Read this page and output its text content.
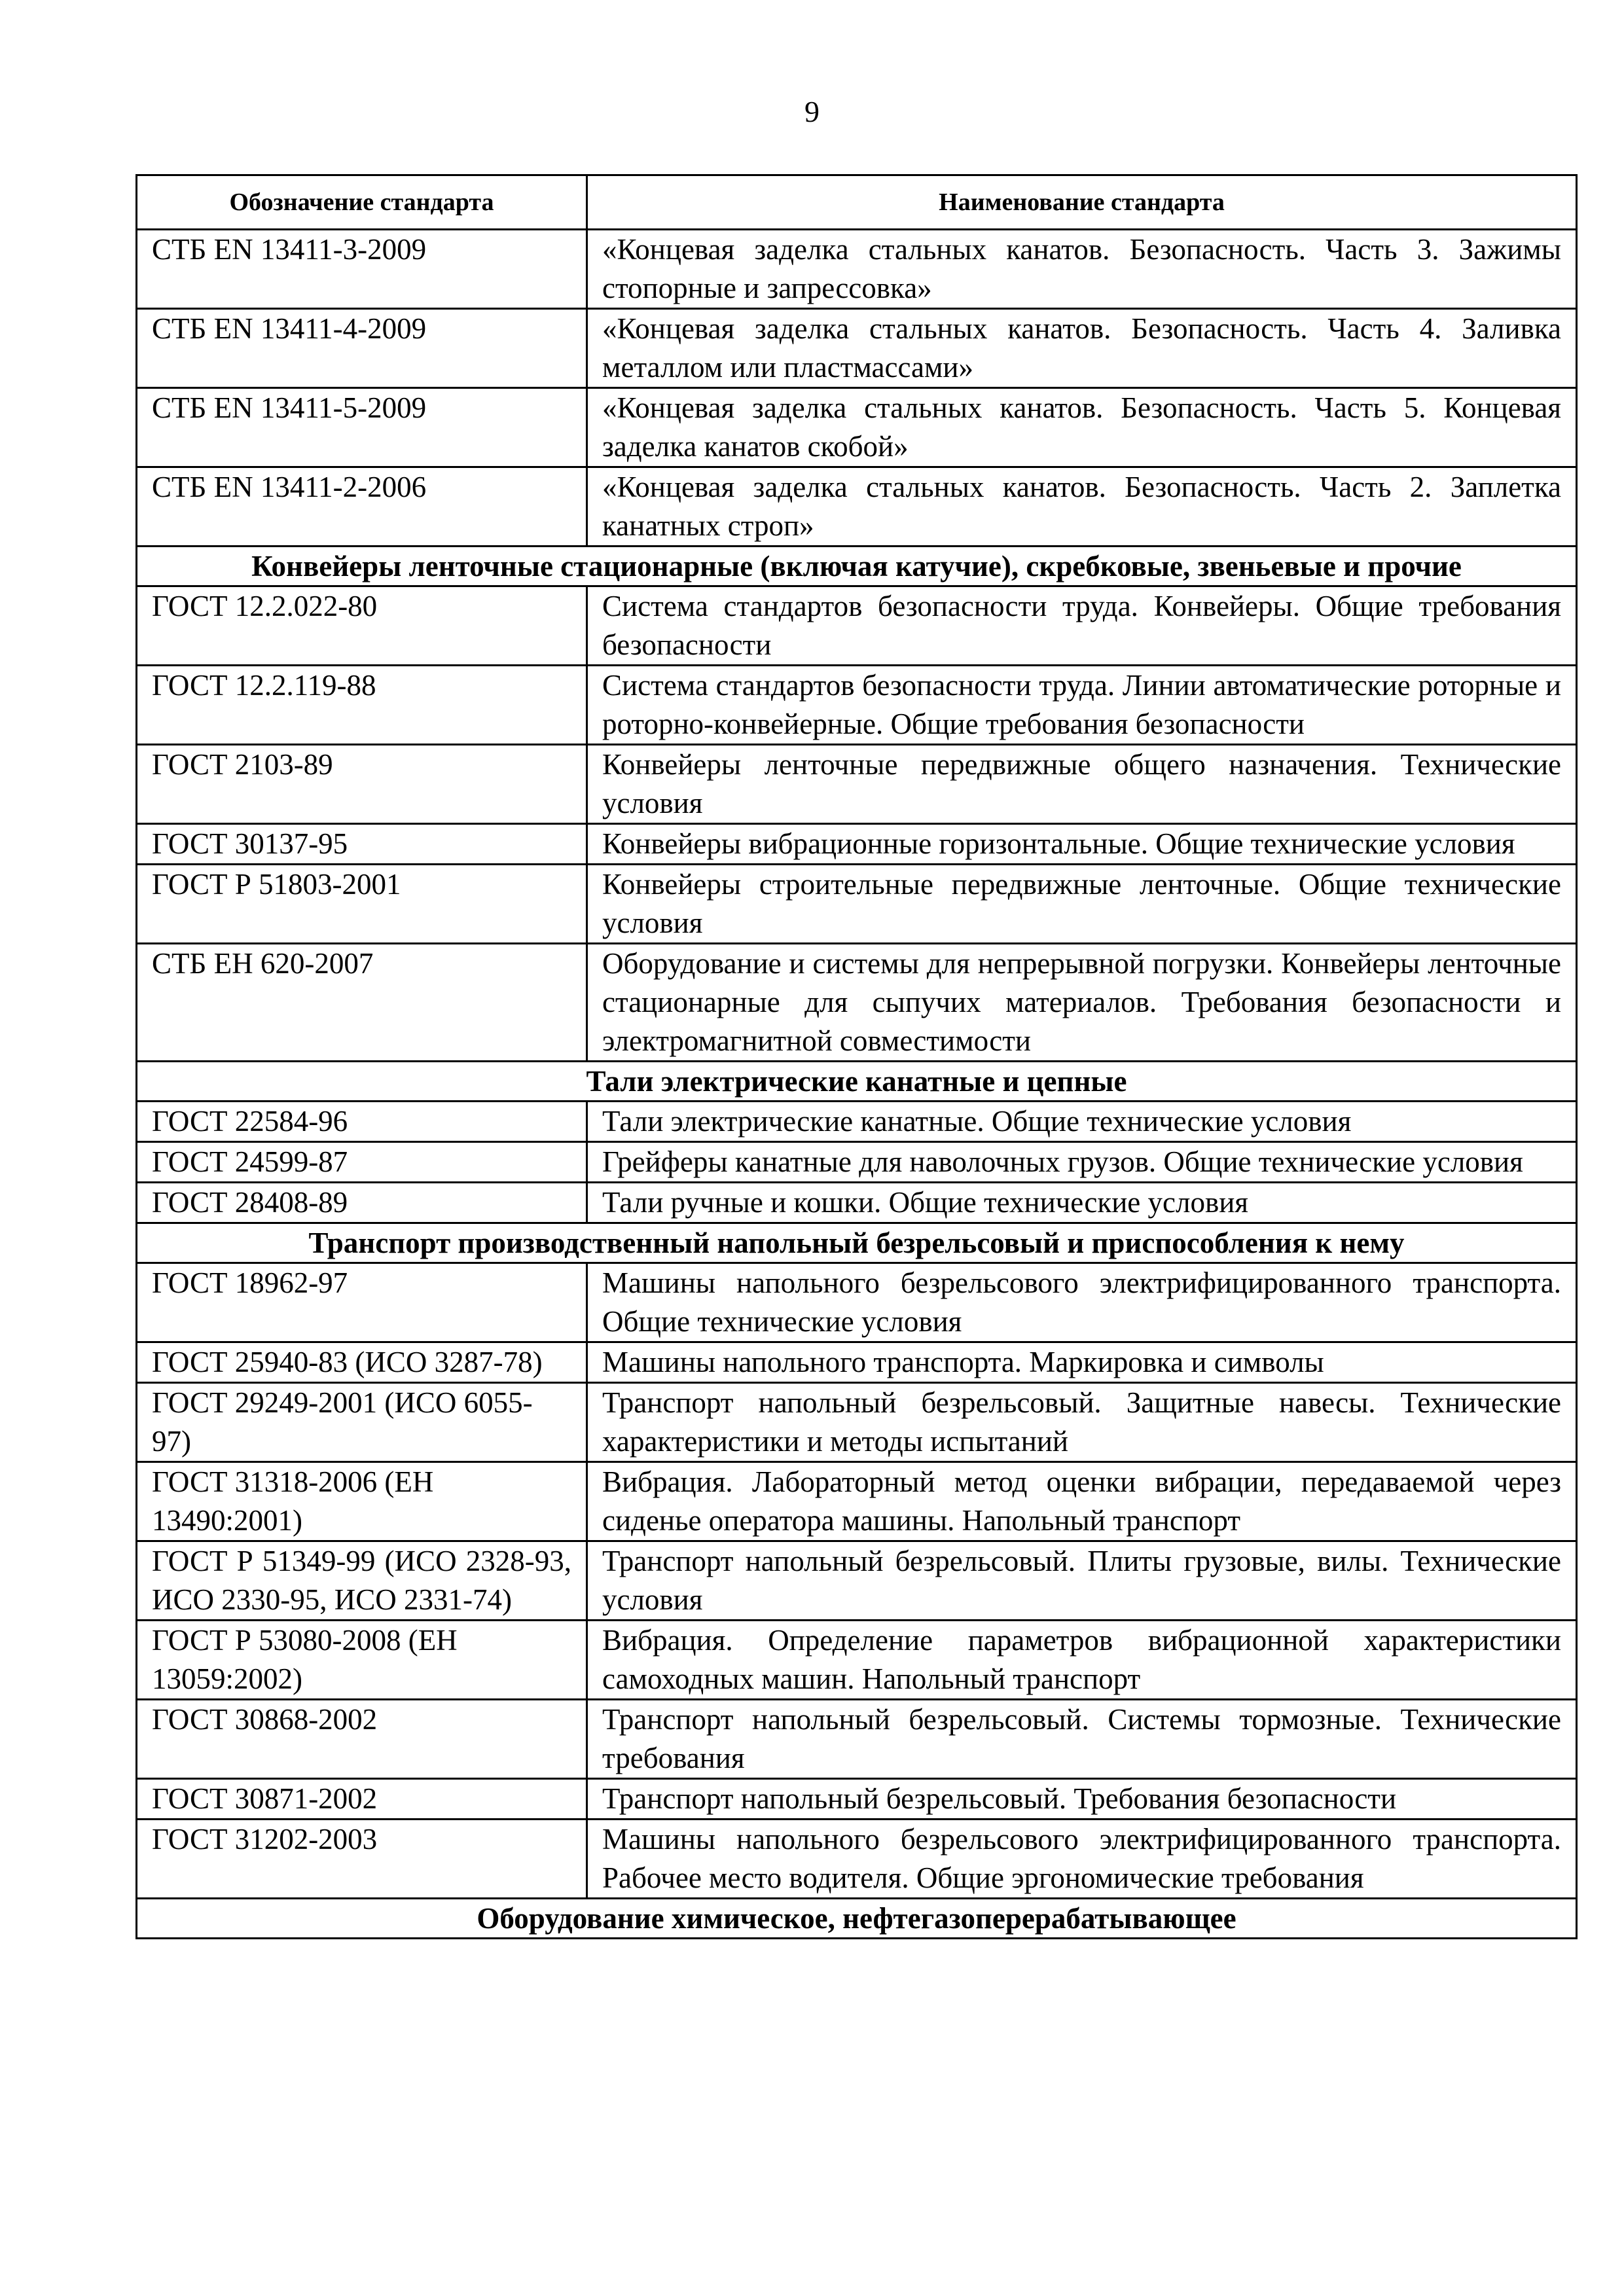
9
Обозначение стандарта	Наименование стандарта
СТБ EN 13411-3-2009	«Концевая заделка стальных канатов. Безопасность. Часть 3. Зажимы стопорные и запрессовка»
СТБ EN 13411-4-2009	«Концевая заделка стальных канатов. Безопасность. Часть 4. Заливка металлом или пластмассами»
СТБ EN 13411-5-2009	«Концевая заделка стальных канатов. Безопасность. Часть 5. Концевая заделка канатов скобой»
СТБ EN 13411-2-2006	«Концевая заделка стальных канатов. Безопасность. Часть 2. Заплетка канатных строп»
Конвейеры ленточные стационарные (включая катучие), скребковые, звеньевые и прочие	
ГОСТ 12.2.022-80	Система стандартов безопасности труда. Конвейеры. Общие требования безопасности
ГОСТ 12.2.119-88	Система стандартов безопасности труда. Линии автоматические роторные и роторно-конвейерные. Общие требования безопасности
ГОСТ 2103-89	Конвейеры ленточные передвижные общего назначения. Технические условия
ГОСТ 30137-95	Конвейеры вибрационные горизонтальные. Общие технические условия
ГОСТ Р 51803-2001	Конвейеры строительные передвижные ленточные. Общие технические условия
СТБ ЕН 620-2007	Оборудование и системы для непрерывной погрузки. Конвейеры ленточные стационарные для сыпучих материалов. Требования безопасности и электромагнитной совместимости
Тали электрические канатные и цепные	
ГОСТ 22584-96	Тали электрические канатные. Общие технические условия
ГОСТ 24599-87	Грейферы канатные для наволочных грузов. Общие технические условия
ГОСТ 28408-89	Тали ручные и кошки. Общие технические условия
Транспорт производственный напольный безрельсовый и приспособления к нему	
ГОСТ 18962-97	Машины напольного безрельсового электрифицированного транспорта. Общие технические условия
ГОСТ 25940-83 (ИСО 3287-78)	Машины напольного транспорта. Маркировка и символы
ГОСТ 29249-2001 (ИСО 6055-97)	Транспорт напольный безрельсовый. Защитные навесы. Технические характеристики и методы испытаний
ГОСТ 31318-2006 (ЕН 13490:2001)	Вибрация. Лабораторный метод оценки вибрации, передаваемой через сиденье оператора машины. Напольный транспорт
ГОСТ Р 51349-99 (ИСО 2328-93, ИСО 2330-95, ИСО 2331-74)	Транспорт напольный безрельсовый. Плиты грузовые, вилы. Технические условия
ГОСТ Р 53080-2008 (ЕН 13059:2002)	Вибрация. Определение параметров вибрационной характеристики самоходных машин. Напольный транспорт
ГОСТ 30868-2002	Транспорт напольный безрельсовый. Системы тормозные. Технические требования
ГОСТ 30871-2002	Транспорт напольный безрельсовый. Требования безопасности
ГОСТ 31202-2003	Машины напольного безрельсового электрифицированного транспорта. Рабочее место водителя. Общие эргономические требования
Оборудование химическое, нефтегазоперерабатывающее	
